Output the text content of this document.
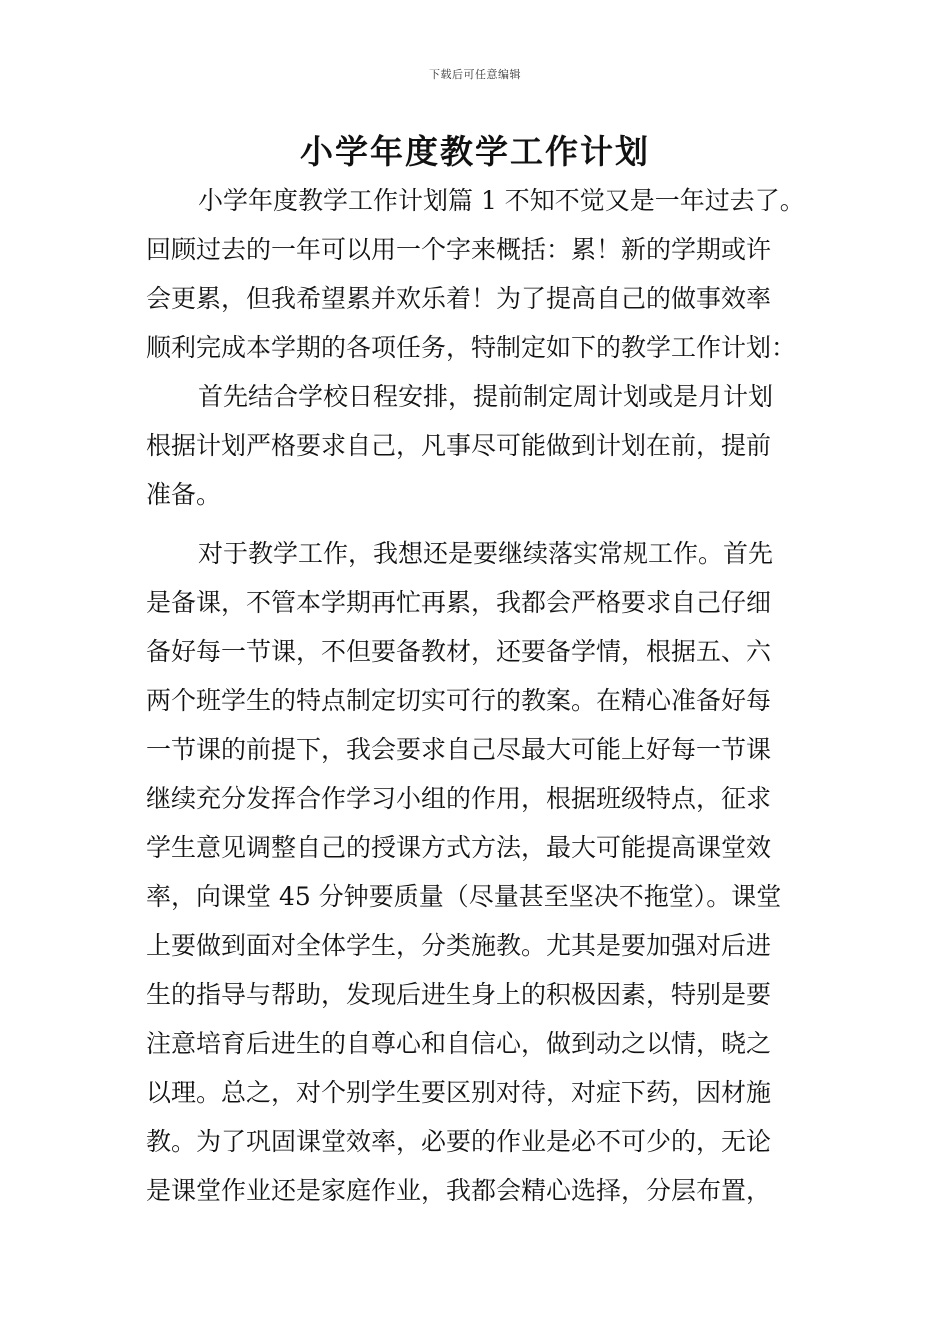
下载后可任意编辑
小学年度教学工作计划
小学年度教学工作计划篇 1 不知不觉又是一年过去了。
回顾过去的一年可以用一个字来概括：累！新的学期或许
会更累，但我希望累并欢乐着！为了提高自己的做事效率
顺利完成本学期的各项任务，特制定如下的教学工作计划：
首先结合学校日程安排，提前制定周计划或是月计划
根据计划严格要求自己，凡事尽可能做到计划在前，提前
准备。
对于教学工作，我想还是要继续落实常规工作。首先
是备课，不管本学期再忙再累，我都会严格要求自己仔细
备好每一节课，不但要备教材，还要备学情，根据五、六
两个班学生的特点制定切实可行的教案。在精心准备好每
一节课的前提下，我会要求自己尽最大可能上好每一节课
继续充分发挥合作学习小组的作用，根据班级特点，征求
学生意见调整自己的授课方式方法，最大可能提高课堂效
率，向课堂 45 分钟要质量（尽量甚至坚决不拖堂）。课堂
上要做到面对全体学生，分类施教。尤其是要加强对后进
生的指导与帮助，发现后进生身上的积极因素，特别是要
注意培育后进生的自尊心和自信心，做到动之以情，晓之
以理。总之，对个别学生要区别对待，对症下药，因材施
教。为了巩固课堂效率，必要的作业是必不可少的，无论
是课堂作业还是家庭作业，我都会精心选择，分层布置，
